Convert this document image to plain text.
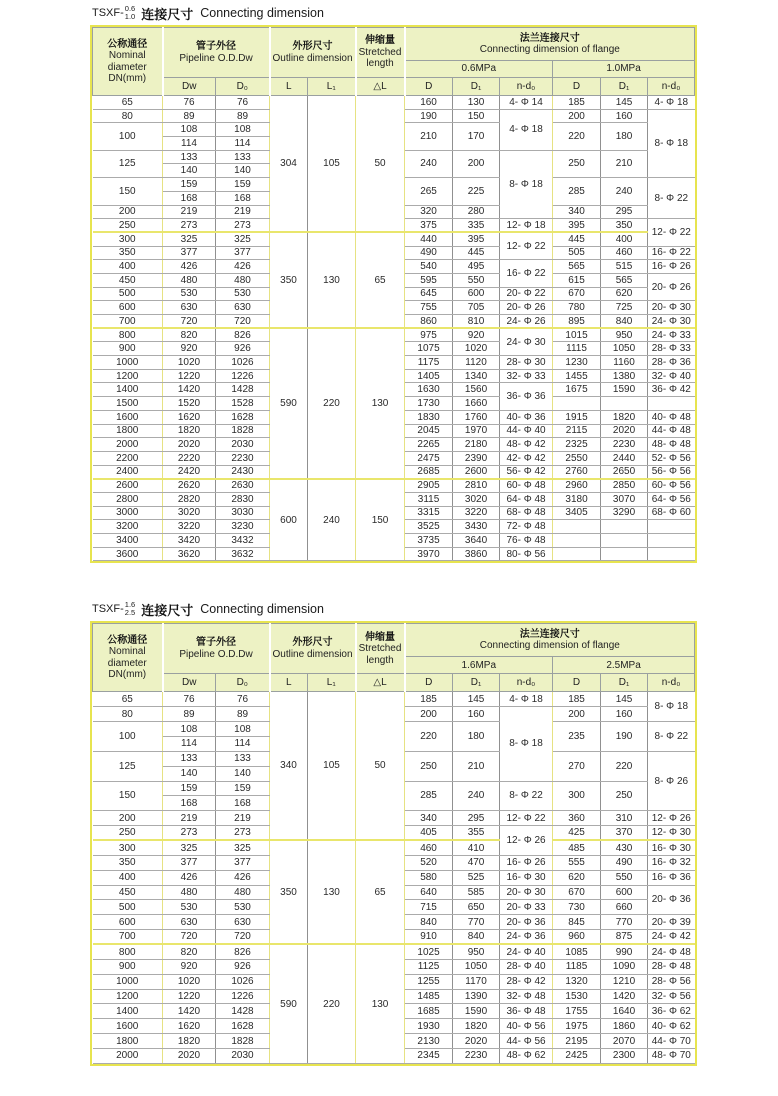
TSXF- 0.6
1.0 连接尺寸 Connecting dimension
公称通径
Nominal
diameter
DN(mm)

管子外径
Pipeline O.D.Dw

外形尺寸
Outline dimension

伸缩量
Stretched
length

法兰连接尺寸
Connecting dimension of flange

						0.6MPa			1.0MPa		
	Dw	D₀	L	L₁	△L	D	D₁	n-d₀	D	D₁	n-d₀
65	76	76	304	105	50	160	130	4- Φ 14	185	145	4- Φ 18
80	89	89				190	150	4- Φ 18	200	160	8- Φ 18
100	108	108				210	170		220	180	
	114	114									
125	133	133				240	200	8- Φ 18	250	210	
	140	140									
150	159	159				265	225		285	240	8- Φ 22
	168	168									
200	219	219				320	280		340	295	
250	273	273				375	335	12- Φ 18	395	350	12- Φ 22
300	325	325	350	130	65	440	395	12- Φ 22	445	400	
350	377	377				490	445		505	460	16- Φ 22
400	426	426				540	495	16- Φ 22	565	515	16- Φ 26
450	480	480				595	550		615	565	20- Φ 26
500	530	530				645	600	20- Φ 22	670	620	
600	630	630				755	705	20- Φ 26	780	725	20- Φ 30
700	720	720				860	810	24- Φ 26	895	840	24- Φ 30
800	820	826	590	220	130	975	920	24- Φ 30	1015	950	24- Φ 33
900	920	926				1075	1020		1115	1050	28- Φ 33
1000	1020	1026				1175	1120	28- Φ 30	1230	1160	28- Φ 36
1200	1220	1226				1405	1340	32- Φ 33	1455	1380	32- Φ 40
1400	1420	1428				1630	1560	36- Φ 36	1675	1590	36- Φ 42
1500	1520	1528				1730	1660				
1600	1620	1628				1830	1760	40- Φ 36	1915	1820	40- Φ 48
1800	1820	1828				2045	1970	44- Φ 40	2115	2020	44- Φ 48
2000	2020	2030				2265	2180	48- Φ 42	2325	2230	48- Φ 48
2200	2220	2230				2475	2390	42- Φ 42	2550	2440	52- Φ 56
2400	2420	2430				2685	2600	56- Φ 42	2760	2650	56- Φ 56
2600	2620	2630	600	240	150	2905	2810	60- Φ 48	2960	2850	60- Φ 56
2800	2820	2830				3115	3020	64- Φ 48	3180	3070	64- Φ 56
3000	3020	3030				3315	3220	68- Φ 48	3405	3290	68- Φ 60
3200	3220	3230				3525	3430	72- Φ 48			
3400	3420	3432				3735	3640	76- Φ 48			
3600	3620	3632				3970	3860	80- Φ 56			
TSXF- 1.6
2.5 连接尺寸 Connecting dimension
公称通径
Nominal
diameter
DN(mm)

管子外径
Pipeline O.D.Dw

外形尺寸
Outline dimension

伸缩量
Stretched
length

法兰连接尺寸
Connecting dimension of flange

						1.6MPa			2.5MPa		
	Dw	D₀	L	L₁	△L	D	D₁	n-d₀	D	D₁	n-d₀
65	76	76	340	105	50	185	145	4- Φ 18	185	145	8- Φ 18
80	89	89				200	160	8- Φ 18	200	160	
100	108	108				220	180		235	190	8- Φ 22
	114	114									
125	133	133				250	210		270	220	8- Φ 26
	140	140									
150	159	159				285	240	8- Φ 22	300	250	
	168	168									
200	219	219				340	295	12- Φ 22	360	310	12- Φ 26
250	273	273				405	355	12- Φ 26	425	370	12- Φ 30
300	325	325	350	130	65	460	410		485	430	16- Φ 30
350	377	377				520	470	16- Φ 26	555	490	16- Φ 32
400	426	426				580	525	16- Φ 30	620	550	16- Φ 36
450	480	480				640	585	20- Φ 30	670	600	20- Φ 36
500	530	530				715	650	20- Φ 33	730	660	
600	630	630				840	770	20- Φ 36	845	770	20- Φ 39
700	720	720				910	840	24- Φ 36	960	875	24- Φ 42
800	820	826	590	220	130	1025	950	24- Φ 40	1085	990	24- Φ 48
900	920	926				1125	1050	28- Φ 40	1185	1090	28- Φ 48
1000	1020	1026				1255	1170	28- Φ 42	1320	1210	28- Φ 56
1200	1220	1226				1485	1390	32- Φ 48	1530	1420	32- Φ 56
1400	1420	1428				1685	1590	36- Φ 48	1755	1640	36- Φ 62
1600	1620	1628				1930	1820	40- Φ 56	1975	1860	40- Φ 62
1800	1820	1828				2130	2020	44- Φ 56	2195	2070	44- Φ 70
2000	2020	2030				2345	2230	48- Φ 62	2425	2300	48- Φ 70
